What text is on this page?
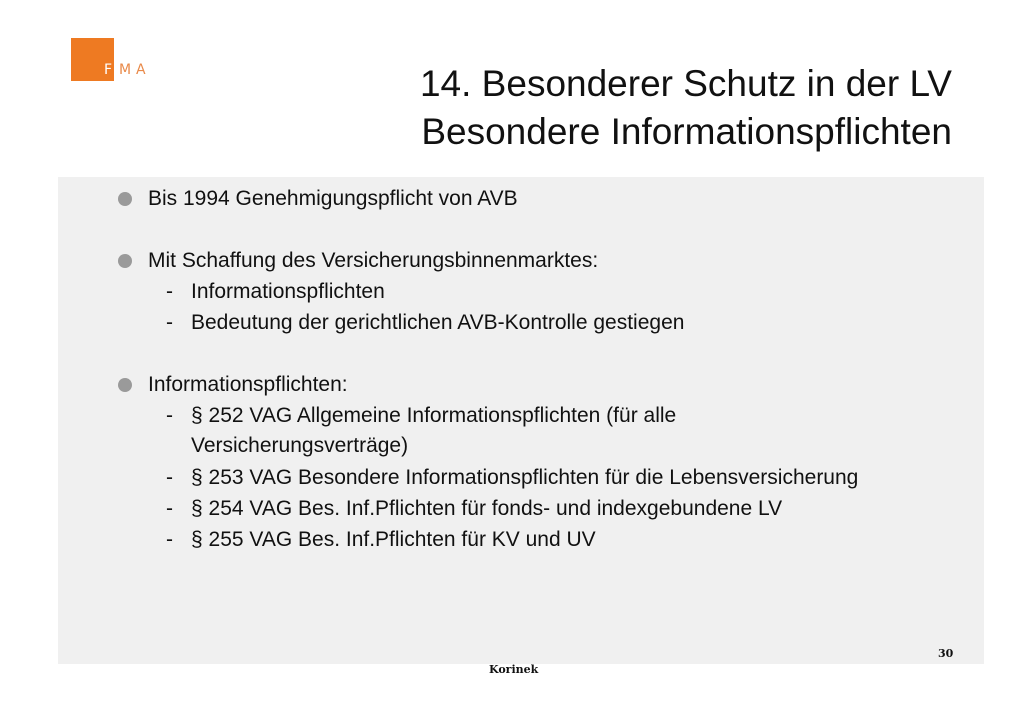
F M A	14. Besonderer Schutz in der LV
Besondere Informationspflichten
Bis 1994 Genehmigungspflicht von AVB
Mit Schaffung des Versicherungsbinnenmarktes:
- Informationspflichten
- Bedeutung der gerichtlichen AVB-Kontrolle gestiegen
Informationspflichten:
- § 252 VAG Allgemeine Informationspflichten (für alle
Versicherungsverträge)
- § 253 VAG Besondere Informationspflichten für die Lebensversicherung
- § 254 VAG Bes. Inf.Pflichten für fonds- und indexgebundene LV
- § 255 VAG Bes. Inf.Pflichten für KV und UV
30
Korinek
